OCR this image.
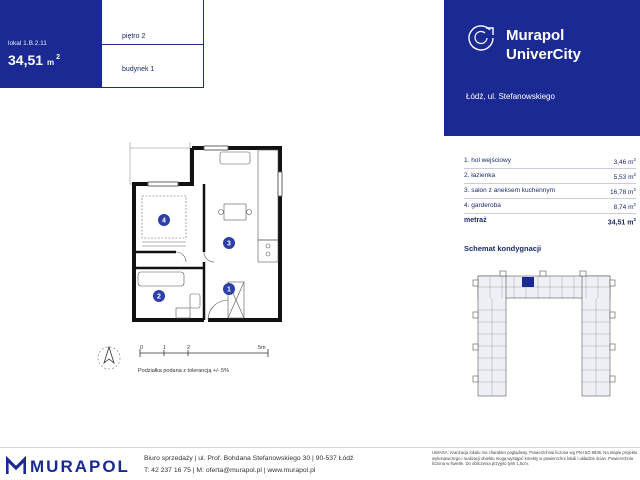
lokal 1.B.2.11
34,51 $m^2$
piętro 2
budynek 1
Murapol
UniverCity
Łódź, ul. Stefanowskiego
1. hol wejściowy	3,46 $m^2$
2. łazienka	5,53 $m^2$
3. salon z aneksem kuchennym	16,78 $m^2$
4. garderoba	8,74 $m^2$
metraż	34,51 $m^2$
Schemat kondygnacji
1
2
3
4
0	1	2	5m
Podziałka podana z tolerancją +/- 5%
MURAPOL Biuro sprzedaży | ul. Prof. Bohdana Stefanowskiego 30 | 90-537 Łódź
T: 42 237 16 75 | M: oferta@murapol.pl | www.murapol.pl
UWAGA: Aranżacja lokalu ma charakter poglądowy. Powierzchnia liczona wg PN-ISO 9836. Na etapie projektu wykonawczego i realizacji obiektu mogą wystąpić korekty w powierzchni lokali i układzie ścian. Powierzchnia liczona w świetle. Do obliczenia przyjęto tynk 1,5cm.
